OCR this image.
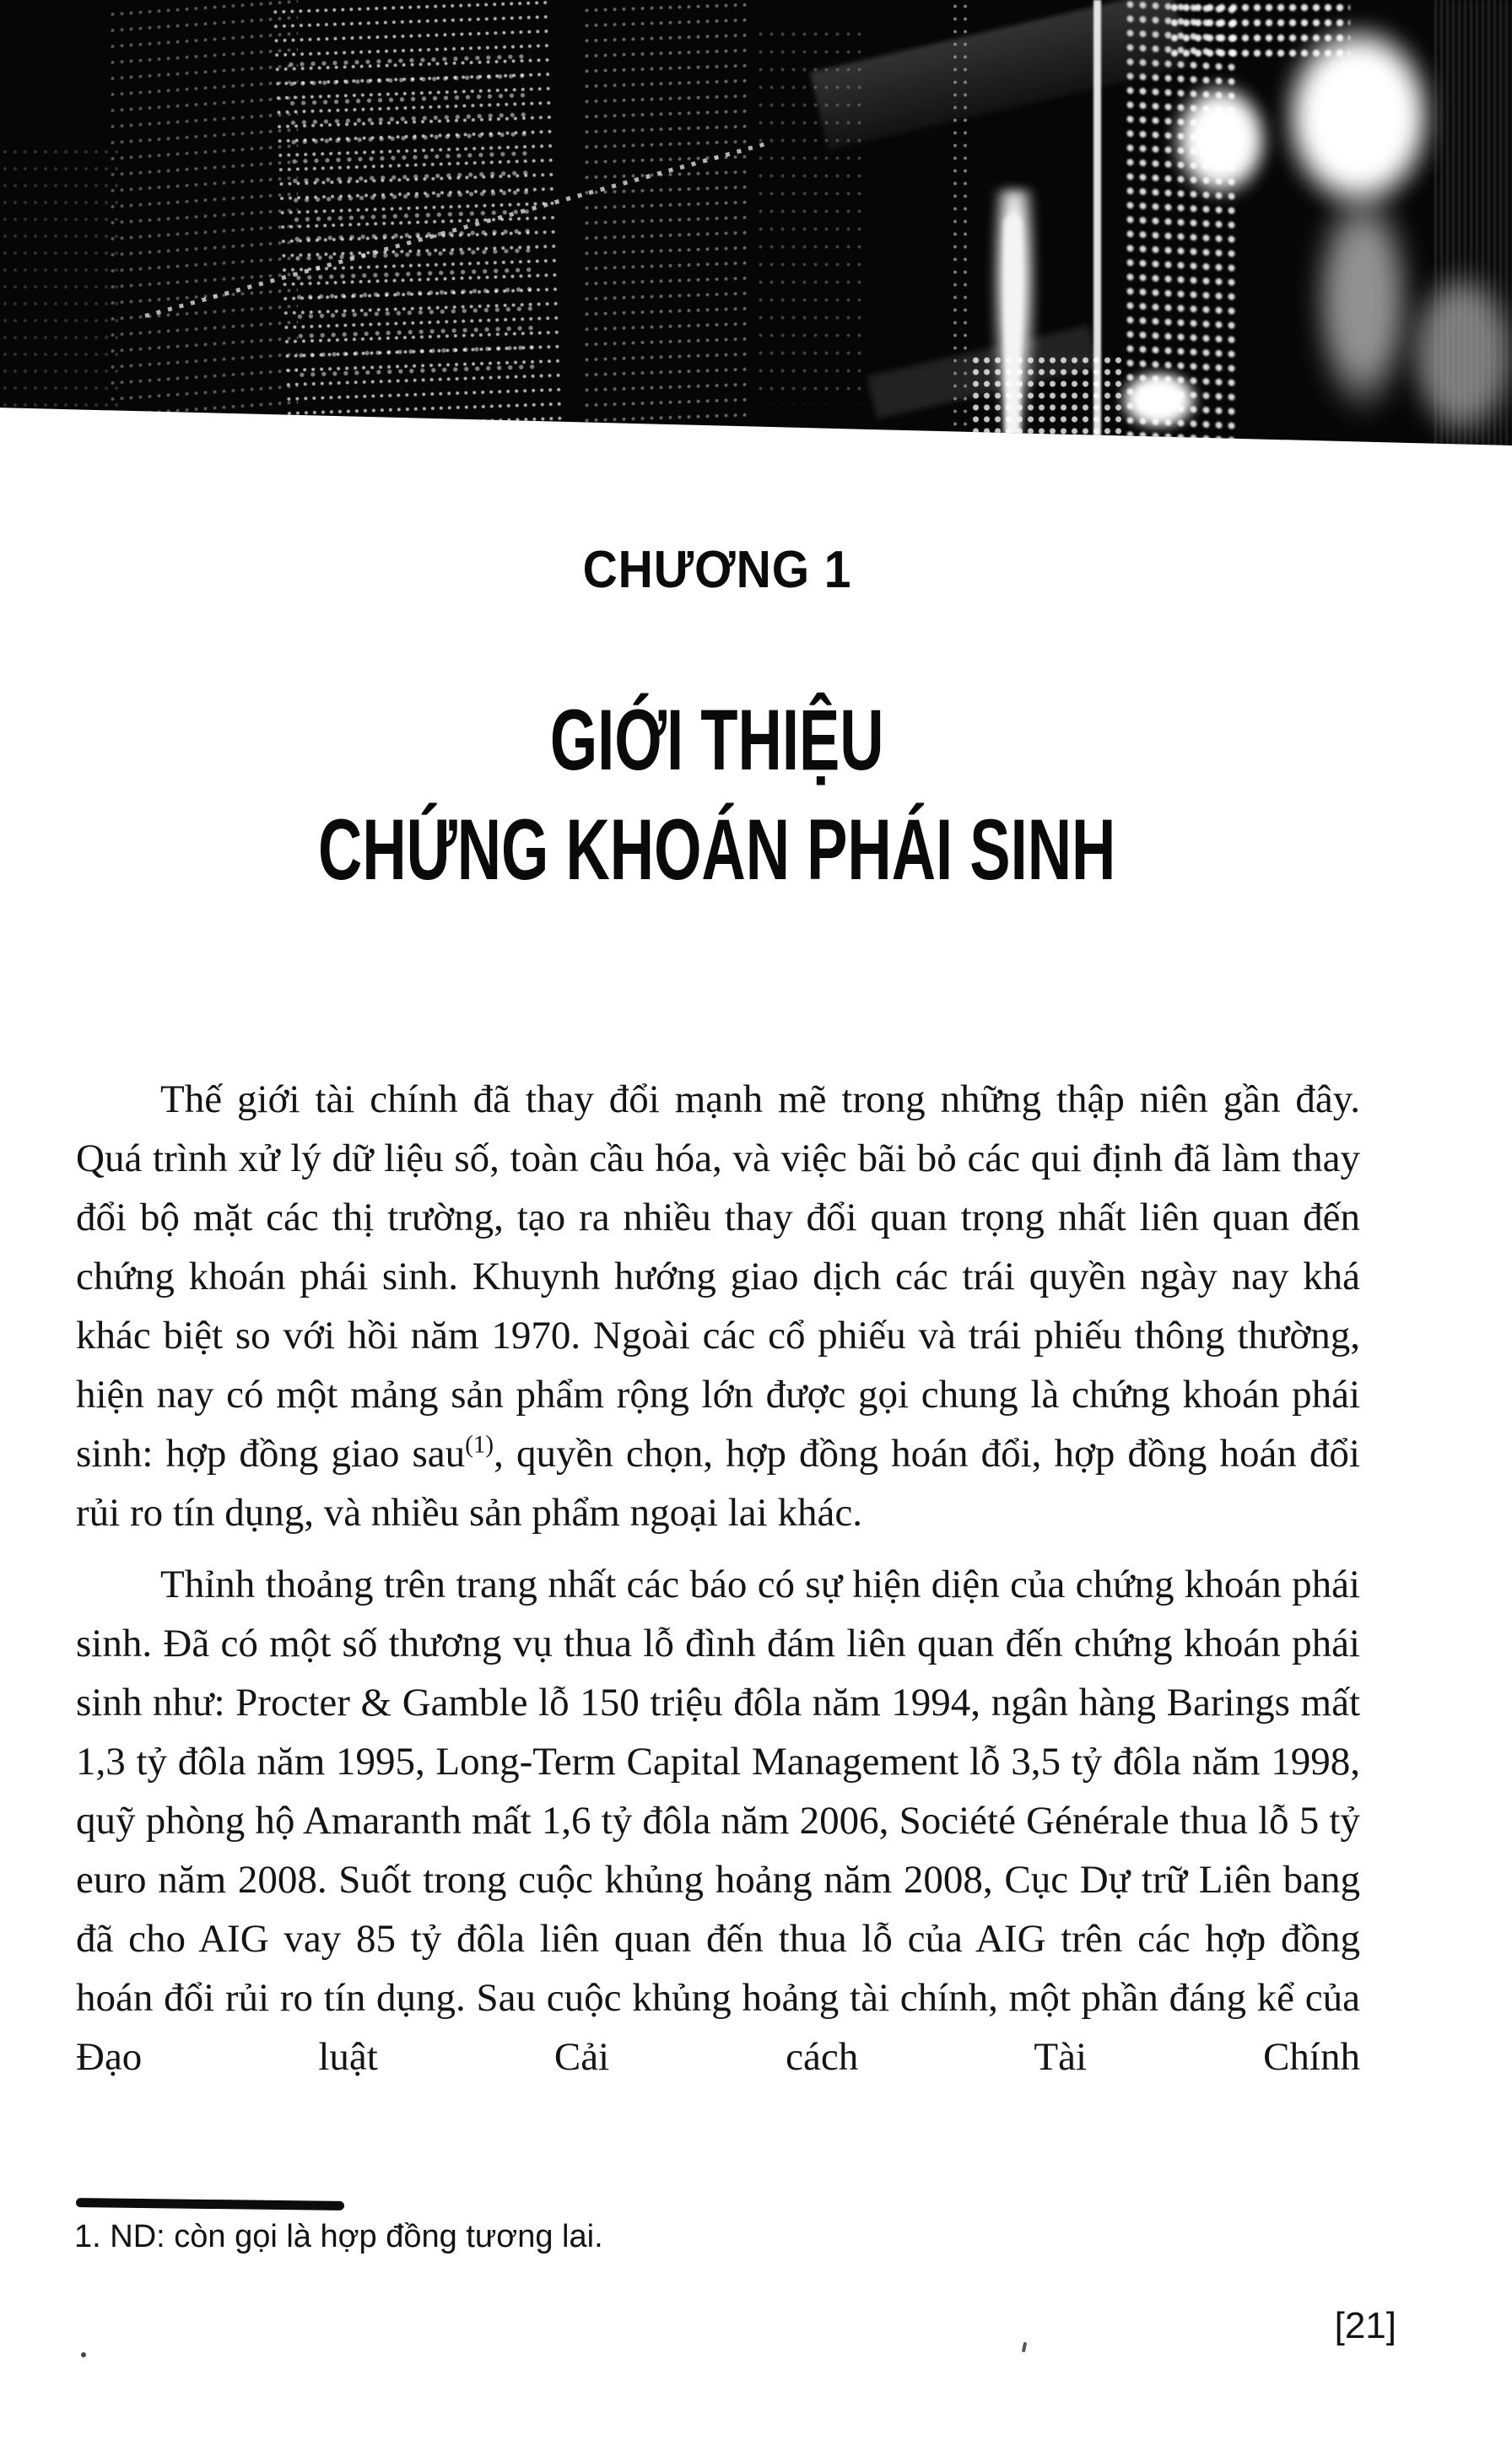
CHƯƠNG 1
GIỚI THIỆU
CHỨNG KHOÁN PHÁI SINH

Thế giới tài chính đã thay đổi mạnh mẽ trong những thập niên gần đây. Quá trình xử lý dữ liệu số, toàn cầu hóa, và việc bãi bỏ các qui định đã làm thay đổi bộ mặt các thị trường, tạo ra nhiều thay đổi quan trọng nhất liên quan đến chứng khoán phái sinh. Khuynh hướng giao dịch các trái quyền ngày nay khá khác biệt so với hồi năm 1970. Ngoài các cổ phiếu và trái phiếu thông thường, hiện nay có một mảng sản phẩm rộng lớn được gọi chung là chứng khoán phái sinh: hợp đồng giao sau$^{(1)}$, quyền chọn, hợp đồng hoán đổi, hợp đồng hoán đổi rủi ro tín dụng, và nhiều sản phẩm ngoại lai khác.

Thỉnh thoảng trên trang nhất các báo có sự hiện diện của chứng khoán phái sinh. Đã có một số thương vụ thua lỗ đình đám liên quan đến chứng khoán phái sinh như: Procter & Gamble lỗ 150 triệu đôla năm 1994, ngân hàng Barings mất 1,3 tỷ đôla năm 1995, Long-Term Capital Management lỗ 3,5 tỷ đôla năm 1998, quỹ phòng hộ Amaranth mất 1,6 tỷ đôla năm 2006, Société Générale thua lỗ 5 tỷ euro năm 2008. Suốt trong cuộc khủng hoảng năm 2008, Cục Dự trữ Liên bang đã cho AIG vay 85 tỷ đôla liên quan đến thua lỗ của AIG trên các hợp đồng hoán đổi rủi ro tín dụng. Sau cuộc khủng hoảng tài chính, một phần đáng kể của Đạo luật Cải cách Tài Chính

1. ND: còn gọi là hợp đồng tương lai.
[21]
